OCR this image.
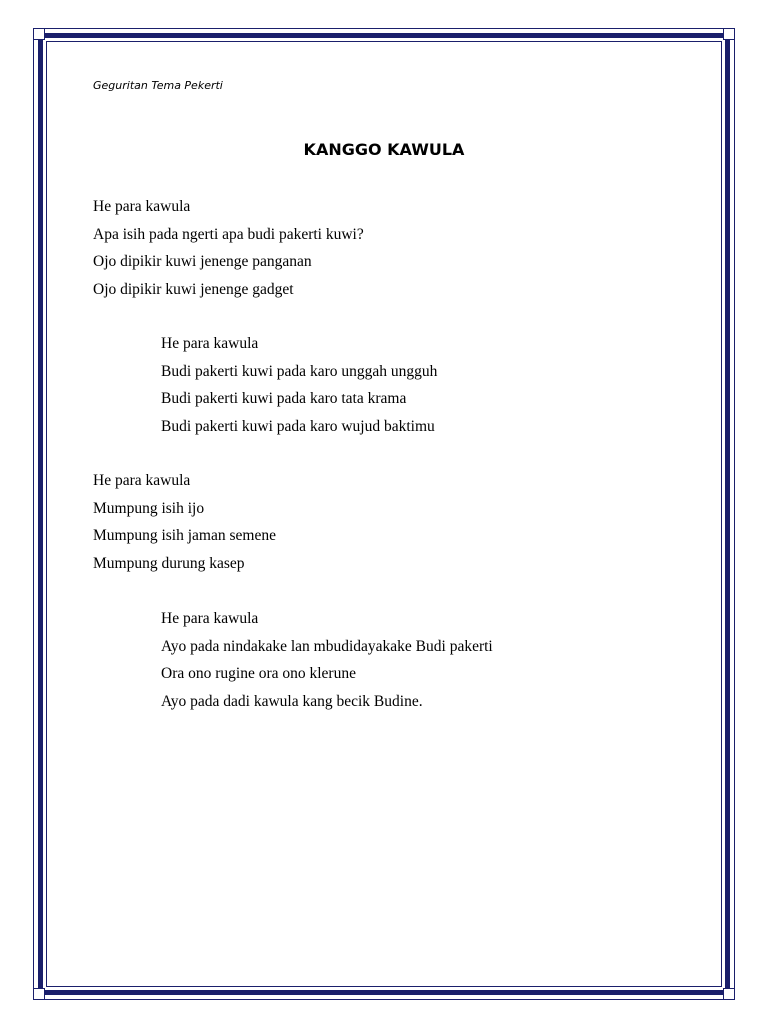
Geguritan Tema Pekerti
KANGGO KAWULA
He para kawula
Apa isih pada ngerti apa budi pakerti kuwi?
Ojo dipikir kuwi jenenge panganan
Ojo dipikir kuwi jenenge gadget
He para kawula
Budi pakerti kuwi pada karo unggah ungguh
Budi pakerti kuwi pada karo tata krama
Budi pakerti kuwi pada karo wujud baktimu
He para kawula
Mumpung isih ijo
Mumpung isih jaman semene
Mumpung durung kasep
He para kawula
Ayo pada nindakake lan mbudidayakake Budi pakerti
Ora ono rugine ora ono klerune
Ayo pada dadi kawula kang becik Budine.
